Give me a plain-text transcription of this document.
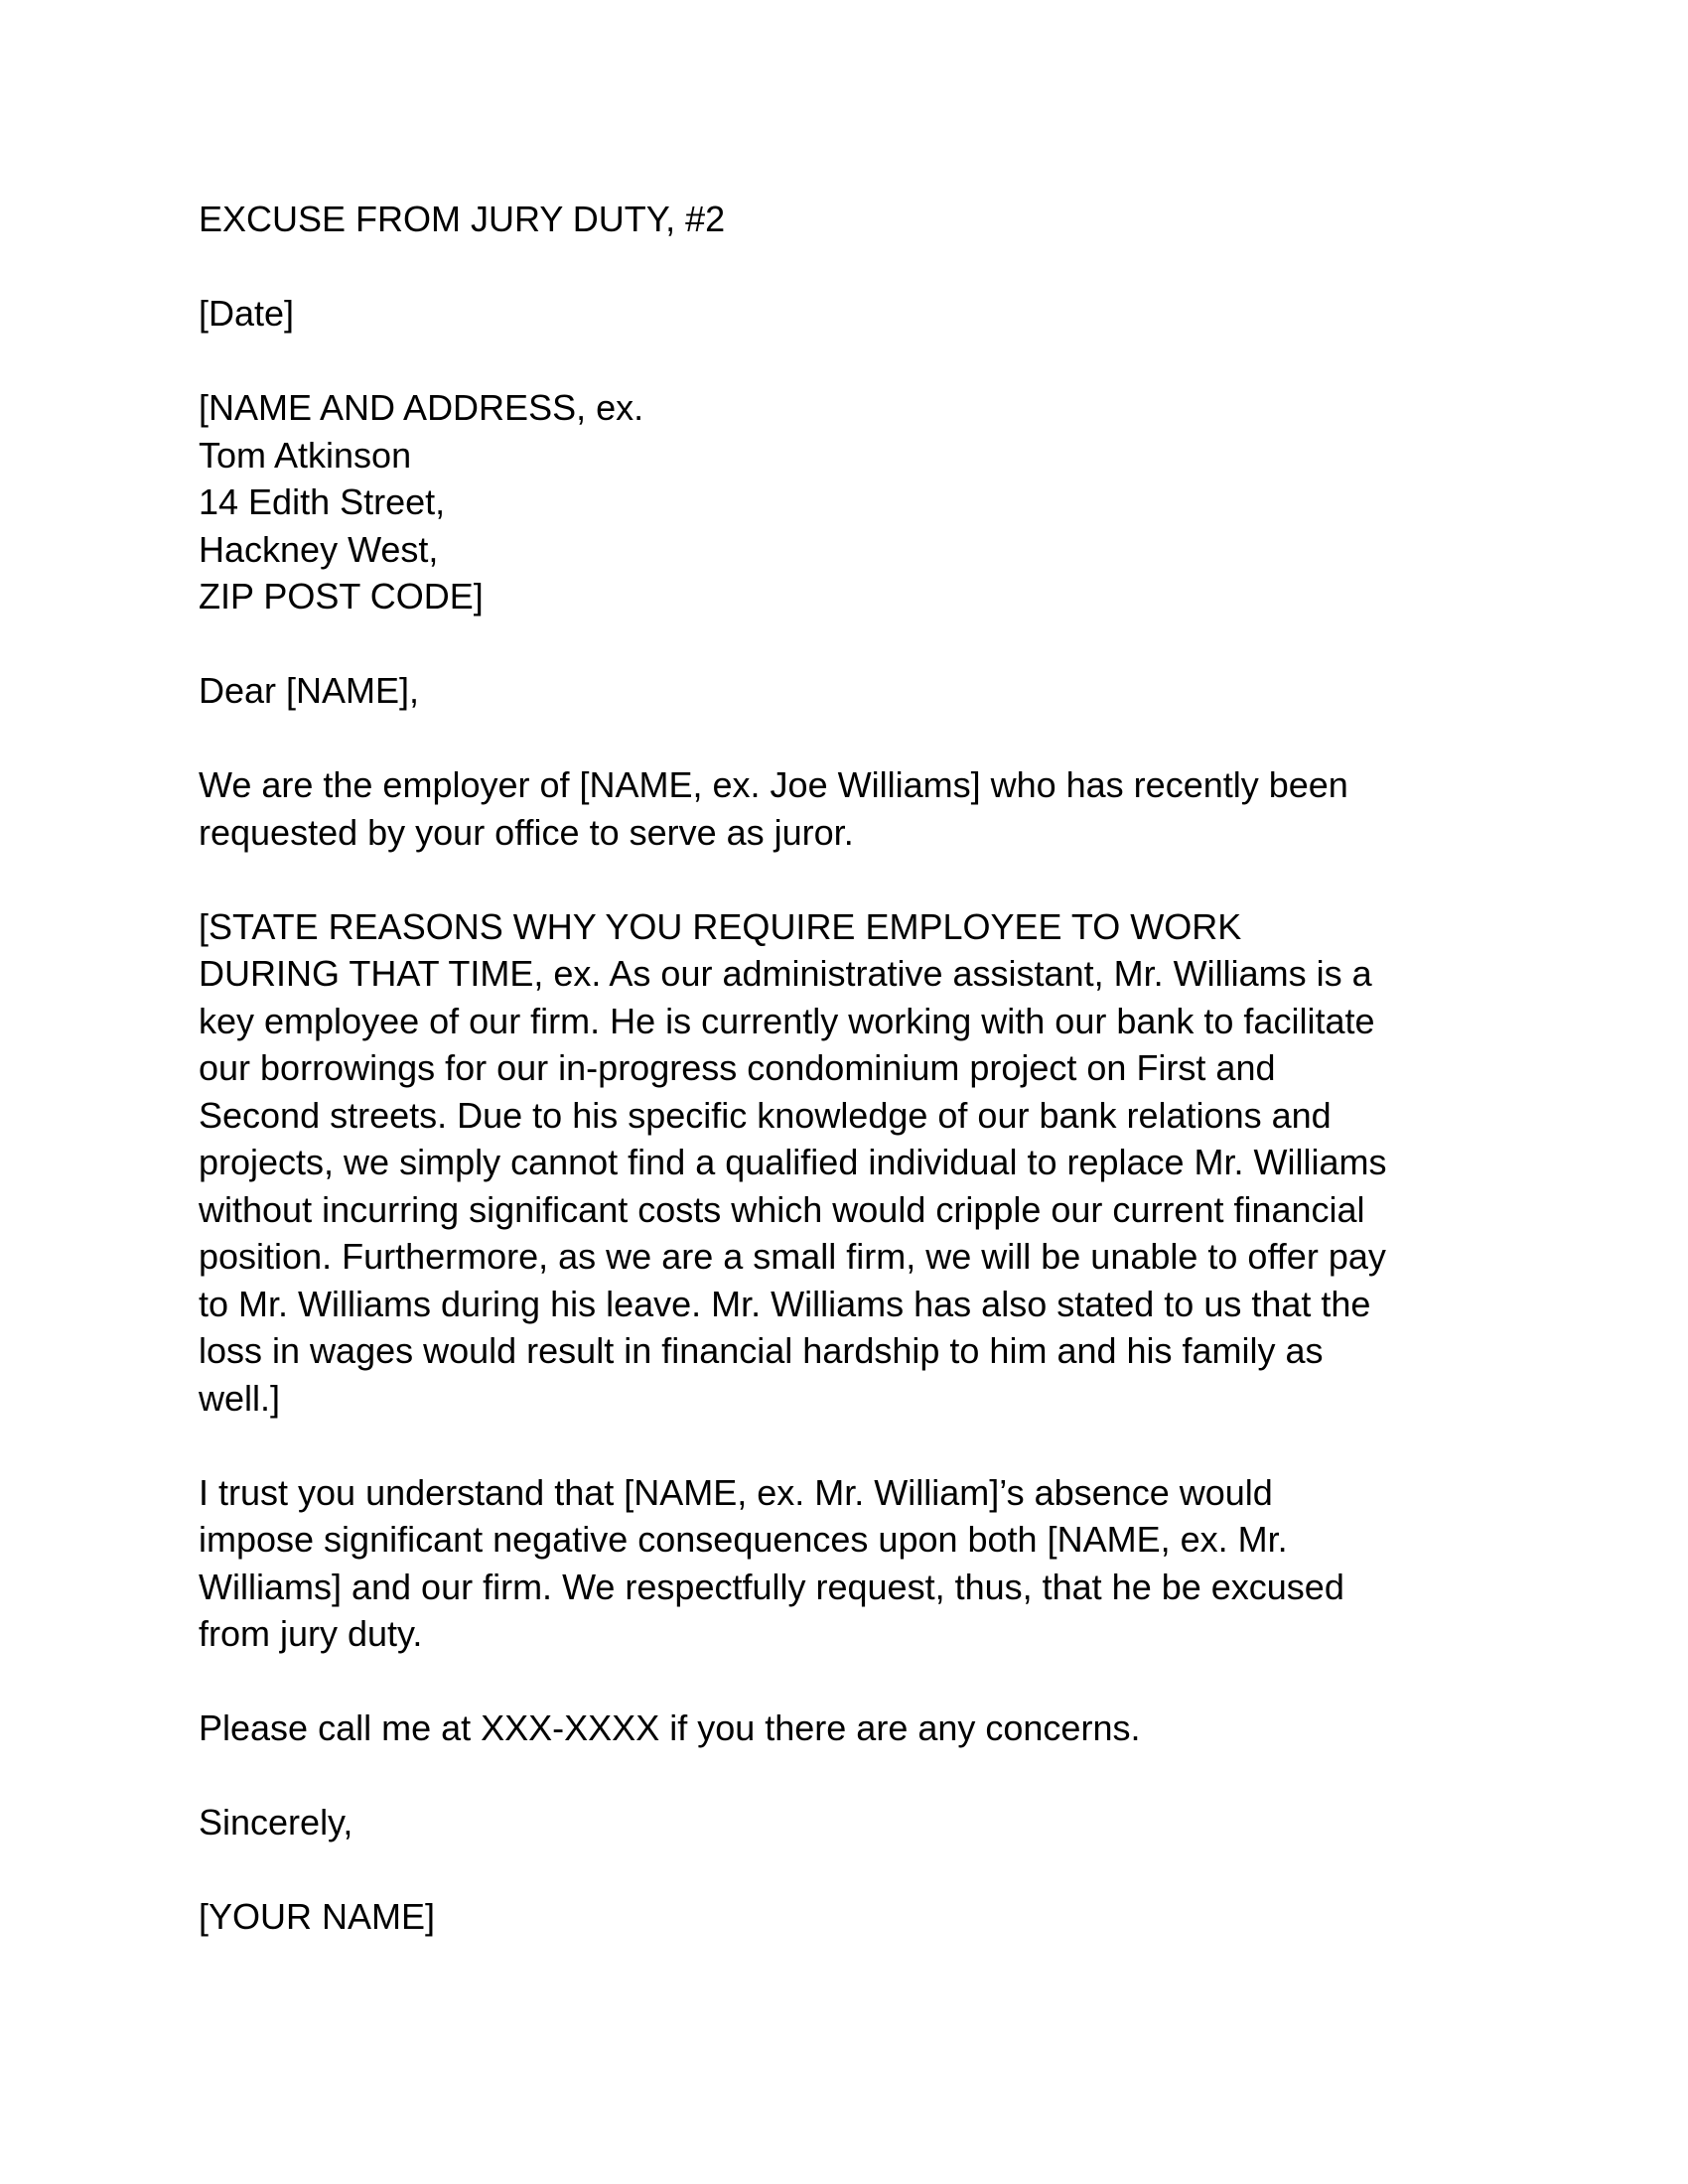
EXCUSE FROM JURY DUTY, #2
[Date]
[NAME AND ADDRESS, ex.
Tom Atkinson
14 Edith Street,
Hackney West,
ZIP POST CODE]
Dear [NAME],
We are the employer of [NAME, ex. Joe Williams] who has recently been
requested by your office to serve as juror.
[STATE REASONS WHY YOU REQUIRE EMPLOYEE TO WORK
DURING THAT TIME, ex. As our administrative assistant, Mr. Williams is a
key employee of our firm. He is currently working with our bank to facilitate
our borrowings for our in-progress condominium project on First and
Second streets. Due to his specific knowledge of our bank relations and
projects, we simply cannot find a qualified individual to replace Mr. Williams
without incurring significant costs which would cripple our current financial
position. Furthermore, as we are a small firm, we will be unable to offer pay
to Mr. Williams during his leave. Mr. Williams has also stated to us that the
loss in wages would result in financial hardship to him and his family as
well.]
I trust you understand that [NAME, ex. Mr. William]’s absence would
impose significant negative consequences upon both [NAME, ex. Mr.
Williams] and our firm. We respectfully request, thus, that he be excused
from jury duty.
Please call me at XXX-XXXX if you there are any concerns.
Sincerely,
[YOUR NAME]
